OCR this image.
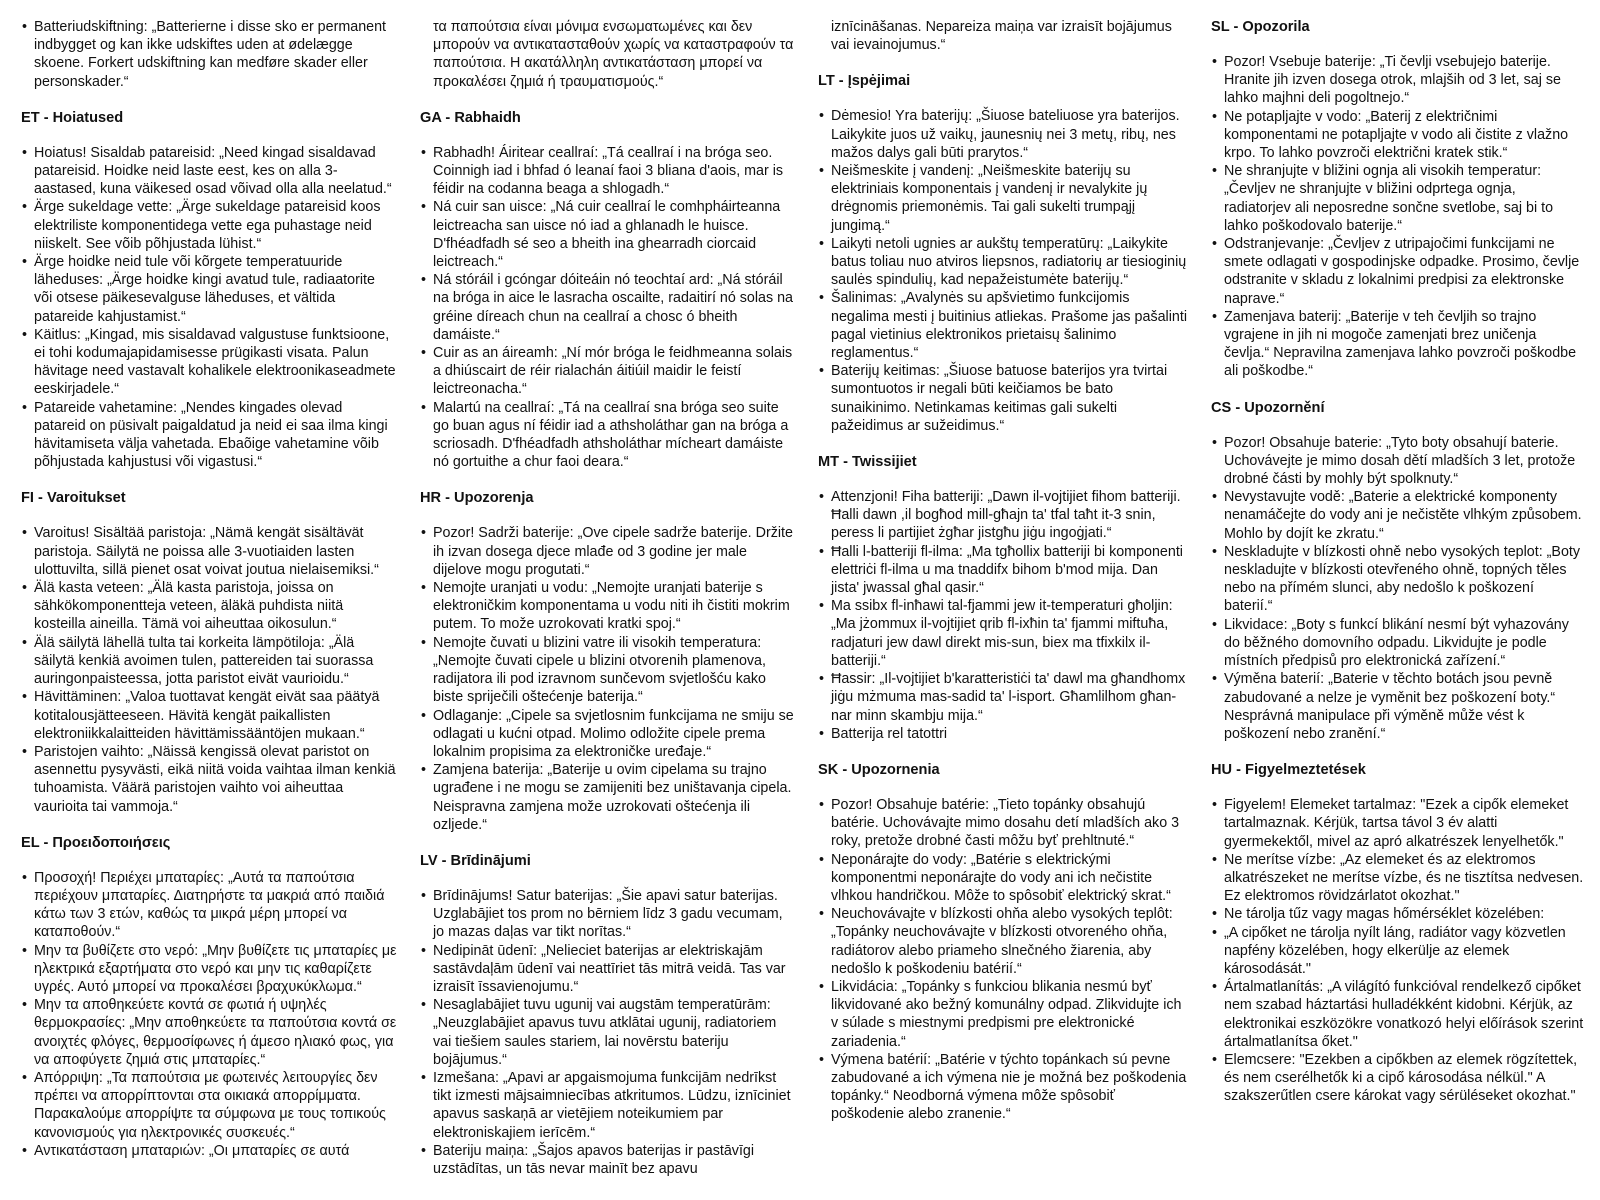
• Batteriudskiftning: „Batterierne i disse sko er permanent indbygget og kan ikke udskiftes uden at ødelægge skoene. Forkert udskiftning kan medføre skader eller personskader.“
ET - Hoiatused
• Hoiatus! Sisaldab patareisid: „Need kingad sisaldavad patareisid. Hoidke neid laste eest, kes on alla 3-aastased, kuna väikesed osad võivad olla alla neelatud.“
• Ärge sukeldage vette: „Ärge sukeldage patareisid koos elektriliste komponentidega vette ega puhastage neid niiskelt. See võib põhjustada lühist.“
• Ärge hoidke neid tule või kõrgete temperatuuride läheduses: „Ärge hoidke kingi avatud tule, radiaatorite või otsese päikesevalguse läheduses, et vältida patareide kahjustamist.“
• Käitlus: „Kingad, mis sisaldavad valgustuse funktsioone, ei tohi kodumajapidamisesse prügikasti visata. Palun hävitage need vastavalt kohalikele elektroonikaseadmete eeskirjadele.“
• Patareide vahetamine: „Nendes kingades olevad patareid on püsivalt paigaldatud ja neid ei saa ilma kingi hävitamiseta välja vahetada. Ebaõige vahetamine võib põhjustada kahjustusi või vigastusi.“
FI - Varoitukset
• Varoitus! Sisältää paristoja: „Nämä kengät sisältävät paristoja. Säilytä ne poissa alle 3-vuotiaiden lasten ulottuvilta, sillä pienet osat voivat joutua nielaisemiksi.“
• Älä kasta veteen: „Älä kasta paristoja, joissa on sähkökomponentteja veteen, äläkä puhdista niitä kosteilla aineilla. Tämä voi aiheuttaa oikosulun.“
• Älä säilytä lähellä tulta tai korkeita lämpötiloja: „Älä säilytä kenkiä avoimen tulen, pattereiden tai suorassa auringonpaisteessa, jotta paristot eivät vaurioidu.“
• Hävittäminen: „Valoa tuottavat kengät eivät saa päätyä kotitalousjätteeseen. Hävitä kengät paikallisten elektroniikkalaitteiden hävittämissääntöjen mukaan.“
• Paristojen vaihto: „Näissä kengissä olevat paristot on asennettu pysyvästi, eikä niitä voida vaihtaa ilman kenkiä tuhoamista. Väärä paristojen vaihto voi aiheuttaa vaurioita tai vammoja.“
EL - Προειδοποιήσεις
• Προσοχή! Περιέχει μπαταρίες: „Αυτά τα παπούτσια περιέχουν μπαταρίες. Διατηρήστε τα μακριά από παιδιά κάτω των 3 ετών, καθώς τα μικρά μέρη μπορεί να καταποθούν.“
• Μην τα βυθίζετε στο νερό: „Μην βυθίζετε τις μπαταρίες με ηλεκτρικά εξαρτήματα στο νερό και μην τις καθαρίζετε υγρές. Αυτό μπορεί να προκαλέσει βραχυκύκλωμα.“
• Μην τα αποθηκεύετε κοντά σε φωτιά ή υψηλές θερμοκρασίες: „Μην αποθηκεύετε τα παπούτσια κοντά σε ανοιχτές φλόγες, θερμοσίφωνες ή άμεσο ηλιακό φως, για να αποφύγετε ζημιά στις μπαταρίες.“
• Απόρριψη: „Τα παπούτσια με φωτεινές λειτουργίες δεν πρέπει να απορρίπτονται στα οικιακά απορρίμματα. Παρακαλούμε απορρίψτε τα σύμφωνα με τους τοπικούς κανονισμούς για ηλεκτρονικές συσκευές.“
• Αντικατάσταση μπαταριών: „Οι μπαταρίες σε αυτά
τα παπούτσια είναι μόνιμα ενσωματωμένες και δεν μπορούν να αντικατασταθούν χωρίς να καταστραφούν τα παπούτσια. Η ακατάλληλη αντικατάσταση μπορεί να προκαλέσει ζημιά ή τραυματισμούς.“
GA - Rabhaidh
• Rabhadh! Áiritear ceallraí: „Tá ceallraí i na bróga seo. Coinnigh iad i bhfad ó leanaí faoi 3 bliana d'aois, mar is féidir na codanna beaga a shlogadh.“
• Ná cuir san uisce: „Ná cuir ceallraí le comhpháirteanna leictreacha san uisce nó iad a ghlanadh le huisce. D'fhéadfadh sé seo a bheith ina ghearradh ciorcaid leictreach.“
• Ná stóráil i gcóngar dóiteáin nó teochtaí ard: „Ná stóráil na bróga in aice le lasracha oscailte, radaitirí nó solas na gréine díreach chun na ceallraí a chosc ó bheith damáiste.“
• Cuir as an áireamh: „Ní mór bróga le feidhmeanna solais a dhiúscairt de réir rialachán áitiúil maidir le feistí leictreonacha.“
• Malartú na ceallraí: „Tá na ceallraí sna bróga seo suite go buan agus ní féidir iad a athsholáthar gan na bróga a scriosadh. D'fhéadfadh athsholáthar mícheart damáiste nó gortuithe a chur faoi deara.“
HR - Upozorenja
• Pozor! Sadrži baterije: „Ove cipele sadrže baterije. Držite ih izvan dosega djece mlađe od 3 godine jer male dijelove mogu progutati.“
• Nemojte uranjati u vodu: „Nemojte uranjati baterije s elektroničkim komponentama u vodu niti ih čistiti mokrim putem. To može uzrokovati kratki spoj.“
• Nemojte čuvati u blizini vatre ili visokih temperatura: „Nemojte čuvati cipele u blizini otvorenih plamenova, radijatora ili pod izravnom sunčevom svjetlošću kako biste spriječili oštećenje baterija.“
• Odlaganje: „Cipele sa svjetlosnim funkcijama ne smiju se odlagati u kućni otpad. Molimo odložite cipele prema lokalnim propisima za elektroničke uređaje.“
• Zamjena baterija: „Baterije u ovim cipelama su trajno ugrađene i ne mogu se zamijeniti bez uništavanja cipela. Neispravna zamjena može uzrokovati oštećenja ili ozljede.“
LV - Brīdinājumi
• Brīdinājums! Satur baterijas: „Šie apavi satur baterijas. Uzglabājiet tos prom no bērniem līdz 3 gadu vecumam, jo mazas daļas var tikt norītas.“
• Nedipināt ūdenī: „Nelieciet baterijas ar elektriskajām sastāvdaļām ūdenī vai neattīriet tās mitrā veidā. Tas var izraisīt īssavienojumu.“
• Nesaglabājiet tuvu ugunij vai augstām temperatūrām: „Neuzglabājiet apavus tuvu atklātai ugunij, radiatoriem vai tiešiem saules stariem, lai novērstu bateriju bojājumus.“
• Izmešana: „Apavi ar apgaismojuma funkcijām nedrīkst tikt izmesti mājsaimniecības atkritumos. Lūdzu, iznīciniet apavus saskaņā ar vietējiem noteikumiem par elektroniskajiem ierīcēm.“
• Bateriju maiņa: „Šajos apavos baterijas ir pastāvīgi uzstādītas, un tās nevar mainīt bez apavu
iznīcināšanas. Nepareiza maiņa var izraisīt bojājumus vai ievainojumus.“
LT - Įspėjimai
• Dėmesio! Yra baterijų: „Šiuose bateliuose yra baterijos. Laikykite juos už vaikų, jaunesnių nei 3 metų, ribų, nes mažos dalys gali būti prarytos.“
• Neišmeskite į vandenį: „Neišmeskite baterijų su elektriniais komponentais į vandenį ir nevalykite jų drėgnomis priemonėmis. Tai gali sukelti trumpąjį jungimą.“
• Laikyti netoli ugnies ar aukštų temperatūrų: „Laikykite batus toliau nuo atviros liepsnos, radiatorių ar tiesioginių saulės spindulių, kad nepažeistumėte baterijų.“
• Šalinimas: „Avalynės su apšvietimo funkcijomis negalima mesti į buitinius atliekas. Prašome jas pašalinti pagal vietinius elektronikos prietaisų šalinimo reglamentus.“
• Baterijų keitimas: „Šiuose batuose baterijos yra tvirtai sumontuotos ir negali būti keičiamos be bato sunaikinimo. Netinkamas keitimas gali sukelti pažeidimus ar sužeidimus.“
MT - Twissijiet
• Attenzjoni! Fiha batteriji: „Dawn il-vojtijiet fihom batteriji. Ħalli dawn ,il bogħod mill-għajn ta' tfal taħt it-3 snin, peress li partijiet żgħar jistgħu jiġu ingoġjati.“
• Ħalli l-batteriji fl-ilma: „Ma tgħollix batteriji bi komponenti elettriċi fl-ilma u ma tnaddifx bihom b'mod mija. Dan jista' jwassal għal qasir.“
• Ma ssibx fl-inħawi tal-fjammi jew it-temperaturi għoljin: „Ma jżommux il-vojtijiet qrib fl-ixħin ta' fjammi miftuħa, radjaturi jew dawl direkt mis-sun, biex ma tfixkilx il-batteriji.“
• Ħassir: „Il-vojtijiet b'karatteristiċi ta' dawl ma għandhomx jiġu mżmuma mas-sadid ta' l-isport. Għamlilhom għan-nar minn skambju mija.“
• Batterija rel tatottri
SK - Upozornenia
• Pozor! Obsahuje batérie: „Tieto topánky obsahujú batérie. Uchovávajte mimo dosahu detí mladších ako 3 roky, pretože drobné časti môžu byť prehltnuté.“
• Neponárajte do vody: „Batérie s elektrickými komponentmi neponárajte do vody ani ich nečistite vlhkou handričkou. Môže to spôsobiť elektrický skrat.“
• Neuchovávajte v blízkosti ohňa alebo vysokých teplôt: „Topánky neuchovávajte v blízkosti otvoreného ohňa, radiátorov alebo priameho slnečného žiarenia, aby nedošlo k poškodeniu batérií.“
• Likvidácia: „Topánky s funkciou blikania nesmú byť likvidované ako bežný komunálny odpad. Zlikvidujte ich v súlade s miestnymi predpismi pre elektronické zariadenia.“
• Výmena batérií: „Batérie v týchto topánkach sú pevne zabudované a ich výmena nie je možná bez poškodenia topánky.“ Neodborná výmena môže spôsobiť poškodenie alebo zranenie.“
SL - Opozorila
• Pozor! Vsebuje baterije: „Ti čevlji vsebujejo baterije. Hranite jih izven dosega otrok, mlajših od 3 let, saj se lahko majhni deli pogoltnejo.“
• Ne potapljajte v vodo: „Baterij z električnimi komponentami ne potapljajte v vodo ali čistite z vlažno krpo. To lahko povzroči električni kratek stik.“
• Ne shranjujte v bližini ognja ali visokih temperatur: „Čevljev ne shranjujte v bližini odprtega ognja, radiatorjev ali neposredne sončne svetlobe, saj bi to lahko poškodovalo baterije.“
• Odstranjevanje: „Čevljev z utripajočimi funkcijami ne smete odlagati v gospodinjske odpadke. Prosimo, čevlje odstranite v skladu z lokalnimi predpisi za elektronske naprave.“
• Zamenjava baterij: „Baterije v teh čevljih so trajno vgrajene in jih ni mogoče zamenjati brez uničenja čevlja.“ Nepravilna zamenjava lahko povzroči poškodbe ali poškodbe.“
CS - Upozornění
• Pozor! Obsahuje baterie: „Tyto boty obsahují baterie. Uchovávejte je mimo dosah dětí mladších 3 let, protože drobné části by mohly být spolknuty.“
• Nevystavujte vodě: „Baterie a elektrické komponenty nenamáčejte do vody ani je nečistěte vlhkým způsobem. Mohlo by dojít ke zkratu.“
• Neskladujte v blízkosti ohně nebo vysokých teplot: „Boty neskladujte v blízkosti otevřeného ohně, topných těles nebo na přímém slunci, aby nedošlo k poškození baterií.“
• Likvidace: „Boty s funkcí blikání nesmí být vyhazovány do běžného domovního odpadu. Likvidujte je podle místních předpisů pro elektronická zařízení.“
• Výměna baterií: „Baterie v těchto botách jsou pevně zabudované a nelze je vyměnit bez poškození boty.“ Nesprávná manipulace při výměně může vést k poškození nebo zranění.“
HU - Figyelmeztetések
• Figyelem! Elemeket tartalmaz: "Ezek a cipők elemeket tartalmaznak. Kérjük, tartsa távol 3 év alatti gyermekektől, mivel az apró alkatrészek lenyelhetők."
• Ne merítse vízbe: „Az elemeket és az elektromos alkatrészeket ne merítse vízbe, és ne tisztítsa nedvesen. Ez elektromos rövidzárlatot okozhat."
• Ne tárolja tűz vagy magas hőmérséklet közelében:
• „A cipőket ne tárolja nyílt láng, radiátor vagy közvetlen napfény közelében, hogy elkerülje az elemek károsodását."
• Ártalmatlanítás: „A világító funkcióval rendelkező cipőket nem szabad háztartási hulladékként kidobni. Kérjük, az elektronikai eszközökre vonatkozó helyi előírások szerint ártalmatlanítsa őket."
• Elemcsere: "Ezekben a cipőkben az elemek rögzítettek, és nem cserélhetők ki a cipő károsodása nélkül." A szakszerűtlen csere károkat vagy sérüléseket okozhat."
